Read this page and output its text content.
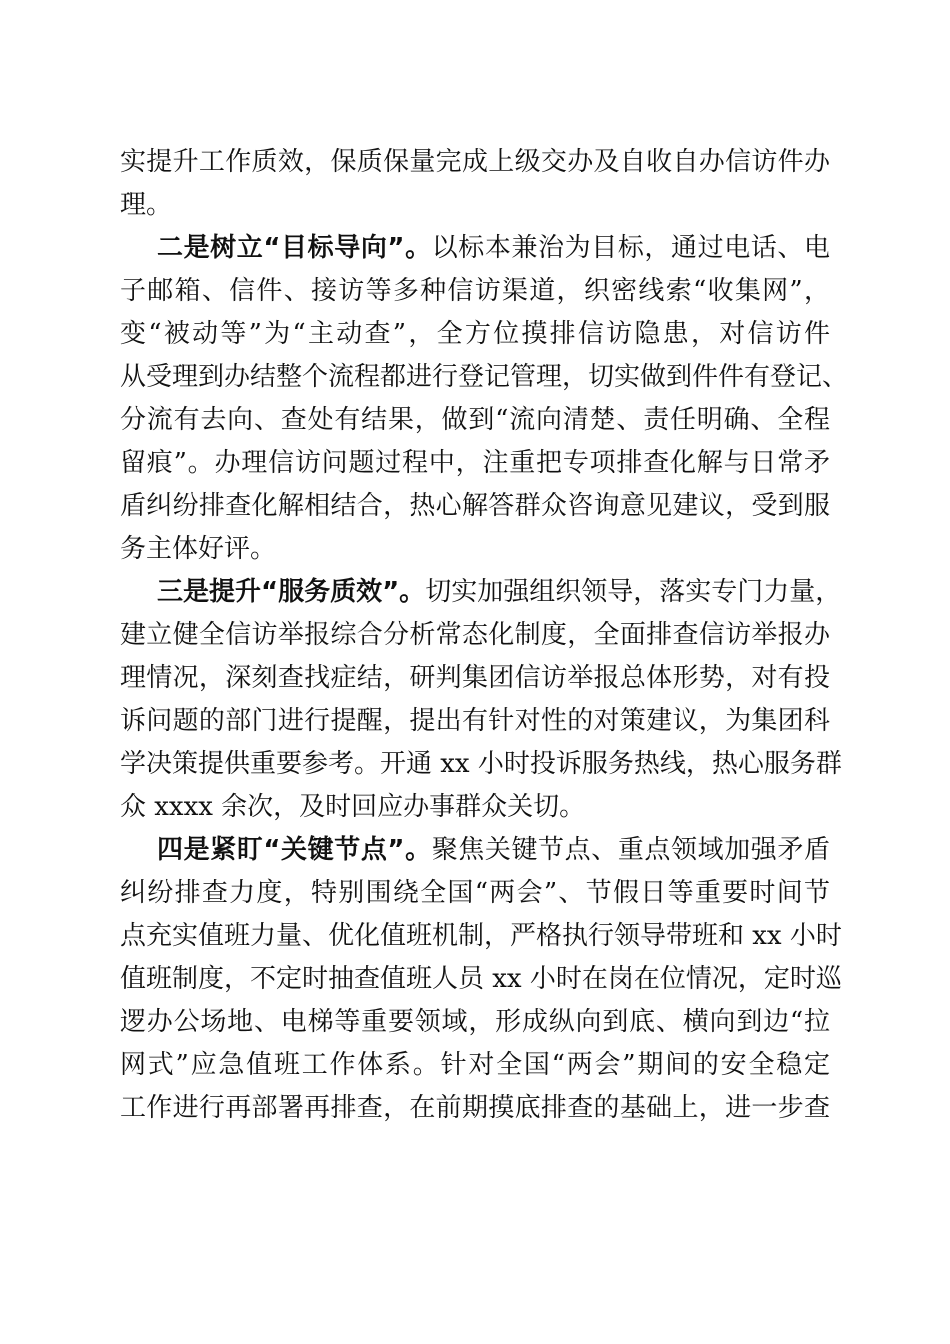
实提升工作质效，保质保量完成上级交办及自收自办信访件办
理。
二是树立“目标导向”。以标本兼治为目标，通过电话、电
子邮箱、信件、接访等多种信访渠道，织密线索“收集网”，
变“被动等”为“主动查”，全方位摸排信访隐患，对信访件
从受理到办结整个流程都进行登记管理，切实做到件件有登记、
分流有去向、查处有结果，做到“流向清楚、责任明确、全程
留痕”。办理信访问题过程中，注重把专项排查化解与日常矛
盾纠纷排查化解相结合，热心解答群众咨询意见建议，受到服
务主体好评。
三是提升“服务质效”。切实加强组织领导，落实专门力量，
建立健全信访举报综合分析常态化制度，全面排查信访举报办
理情况，深刻查找症结，研判集团信访举报总体形势，对有投
诉问题的部门进行提醒，提出有针对性的对策建议，为集团科
学决策提供重要参考。开通 xx 小时投诉服务热线，热心服务群
众 xxxx 余次，及时回应办事群众关切。
四是紧盯“关键节点”。聚焦关键节点、重点领域加强矛盾
纠纷排查力度，特别围绕全国“两会”、节假日等重要时间节
点充实值班力量、优化值班机制，严格执行领导带班和 xx 小时
值班制度，不定时抽查值班人员 xx 小时在岗在位情况，定时巡
逻办公场地、电梯等重要领域，形成纵向到底、横向到边“拉
网式”应急值班工作体系。针对全国“两会”期间的安全稳定
工作进行再部署再排查，在前期摸底排查的基础上，进一步查
